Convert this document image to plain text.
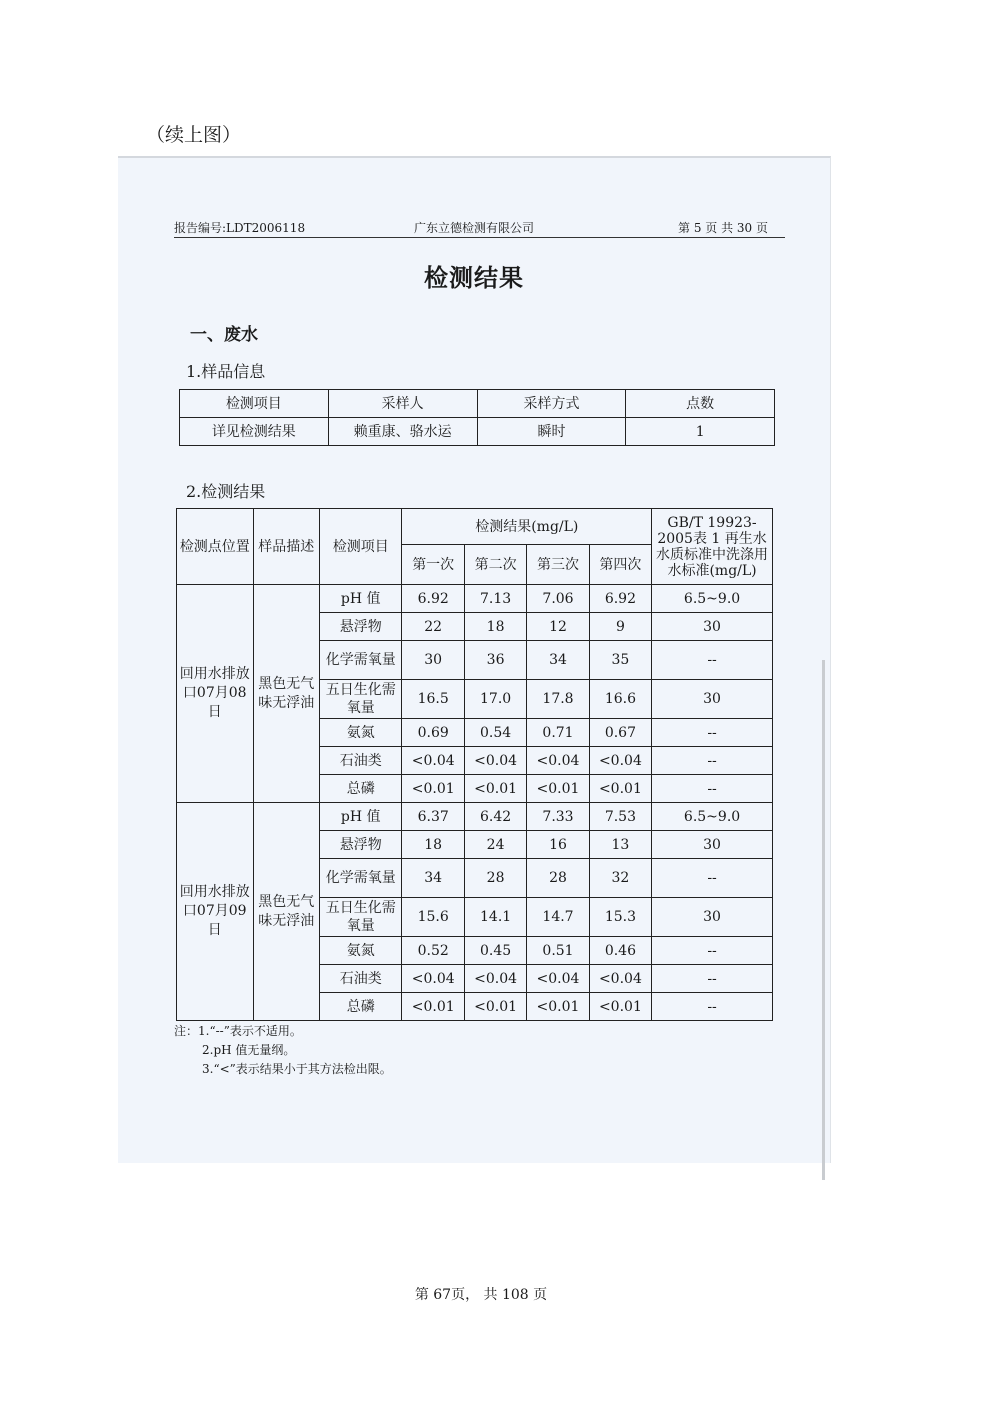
（续上图）
报告编号:LDT2006118	广东立德检测有限公司	第 5 页 共 30 页
检测结果
一、废水
1.样品信息
检测项目	采样人	采样方式	点数
详见检测结果	赖重康、骆水运	瞬时	1
2.检测结果
检测点位置	样品描述	检测项目	检测结果(mg/L)				GB/T 19923-2005表 1 再生水水质标准中洗涤用水标准(mg/L)
			第一次	第二次	第三次	第四次	
回用水排放口07月08日	黑色无气味无浮油	pH 值	6.92	7.13	7.06	6.92	6.5~9.0
		悬浮物	22	18	12	9	30
		化学需氧量	30	36	34	35	--
		五日生化需氧量	16.5	17.0	17.8	16.6	30
		氨氮	0.69	0.54	0.71	0.67	--
		石油类	<0.04	<0.04	<0.04	<0.04	--
		总磷	<0.01	<0.01	<0.01	<0.01	--
回用水排放口07月09日	黑色无气味无浮油	pH 值	6.37	6.42	7.33	7.53	6.5~9.0
		悬浮物	18	24	16	13	30
		化学需氧量	34	28	28	32	--
		五日生化需氧量	15.6	14.1	14.7	15.3	30
		氨氮	0.52	0.45	0.51	0.46	--
		石油类	<0.04	<0.04	<0.04	<0.04	--
		总磷	<0.01	<0.01	<0.01	<0.01	--
注：1.“--”表示不适用。
2.pH 值无量纲。
3.“<”表示结果小于其方法检出限。
第 67页， 共 108 页
